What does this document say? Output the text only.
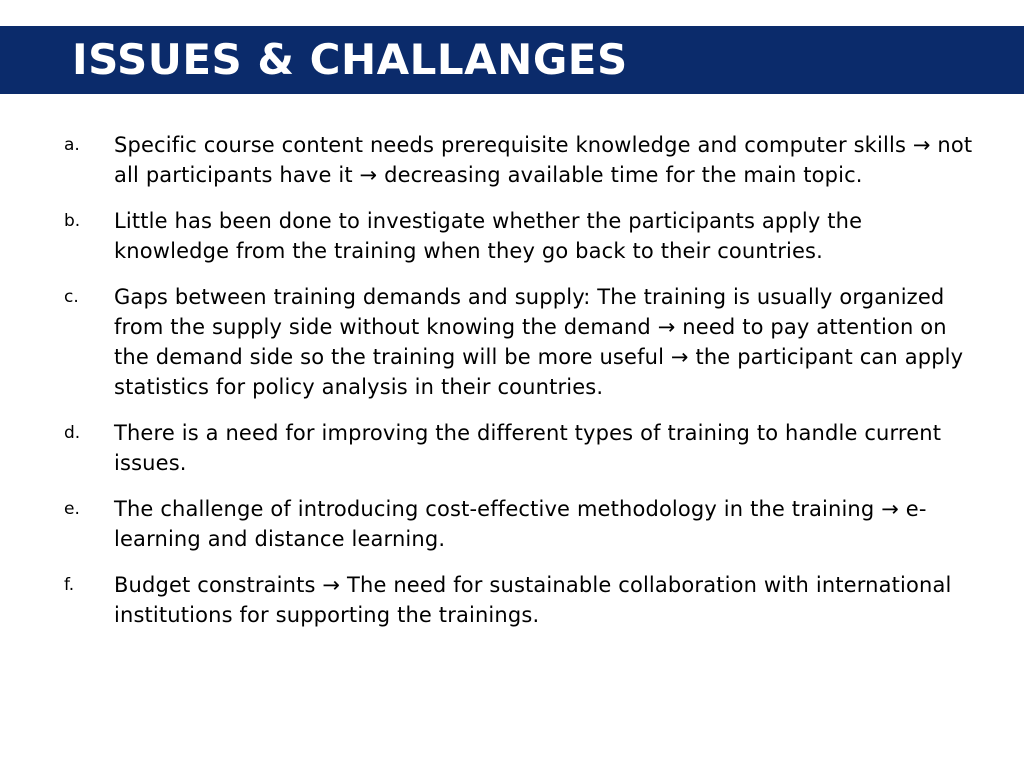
ISSUES & CHALLANGES
a. Specific course content needs prerequisite knowledge and computer skills → not all participants have it → decreasing available time for the main topic.
b. Little has been done to investigate whether the participants apply the knowledge from the training when they go back to their countries.
c. Gaps between training demands and supply: The training is usually organized from the supply side without knowing the demand → need to pay attention on the demand side so the training will be more useful → the participant can apply statistics for policy analysis in their countries.
d. There is a need for improving the different types of training to handle current issues.
e. The challenge of introducing cost-effective methodology in the training → e-learning and distance learning.
f. Budget constraints → The need for sustainable collaboration with international institutions for supporting the trainings.
